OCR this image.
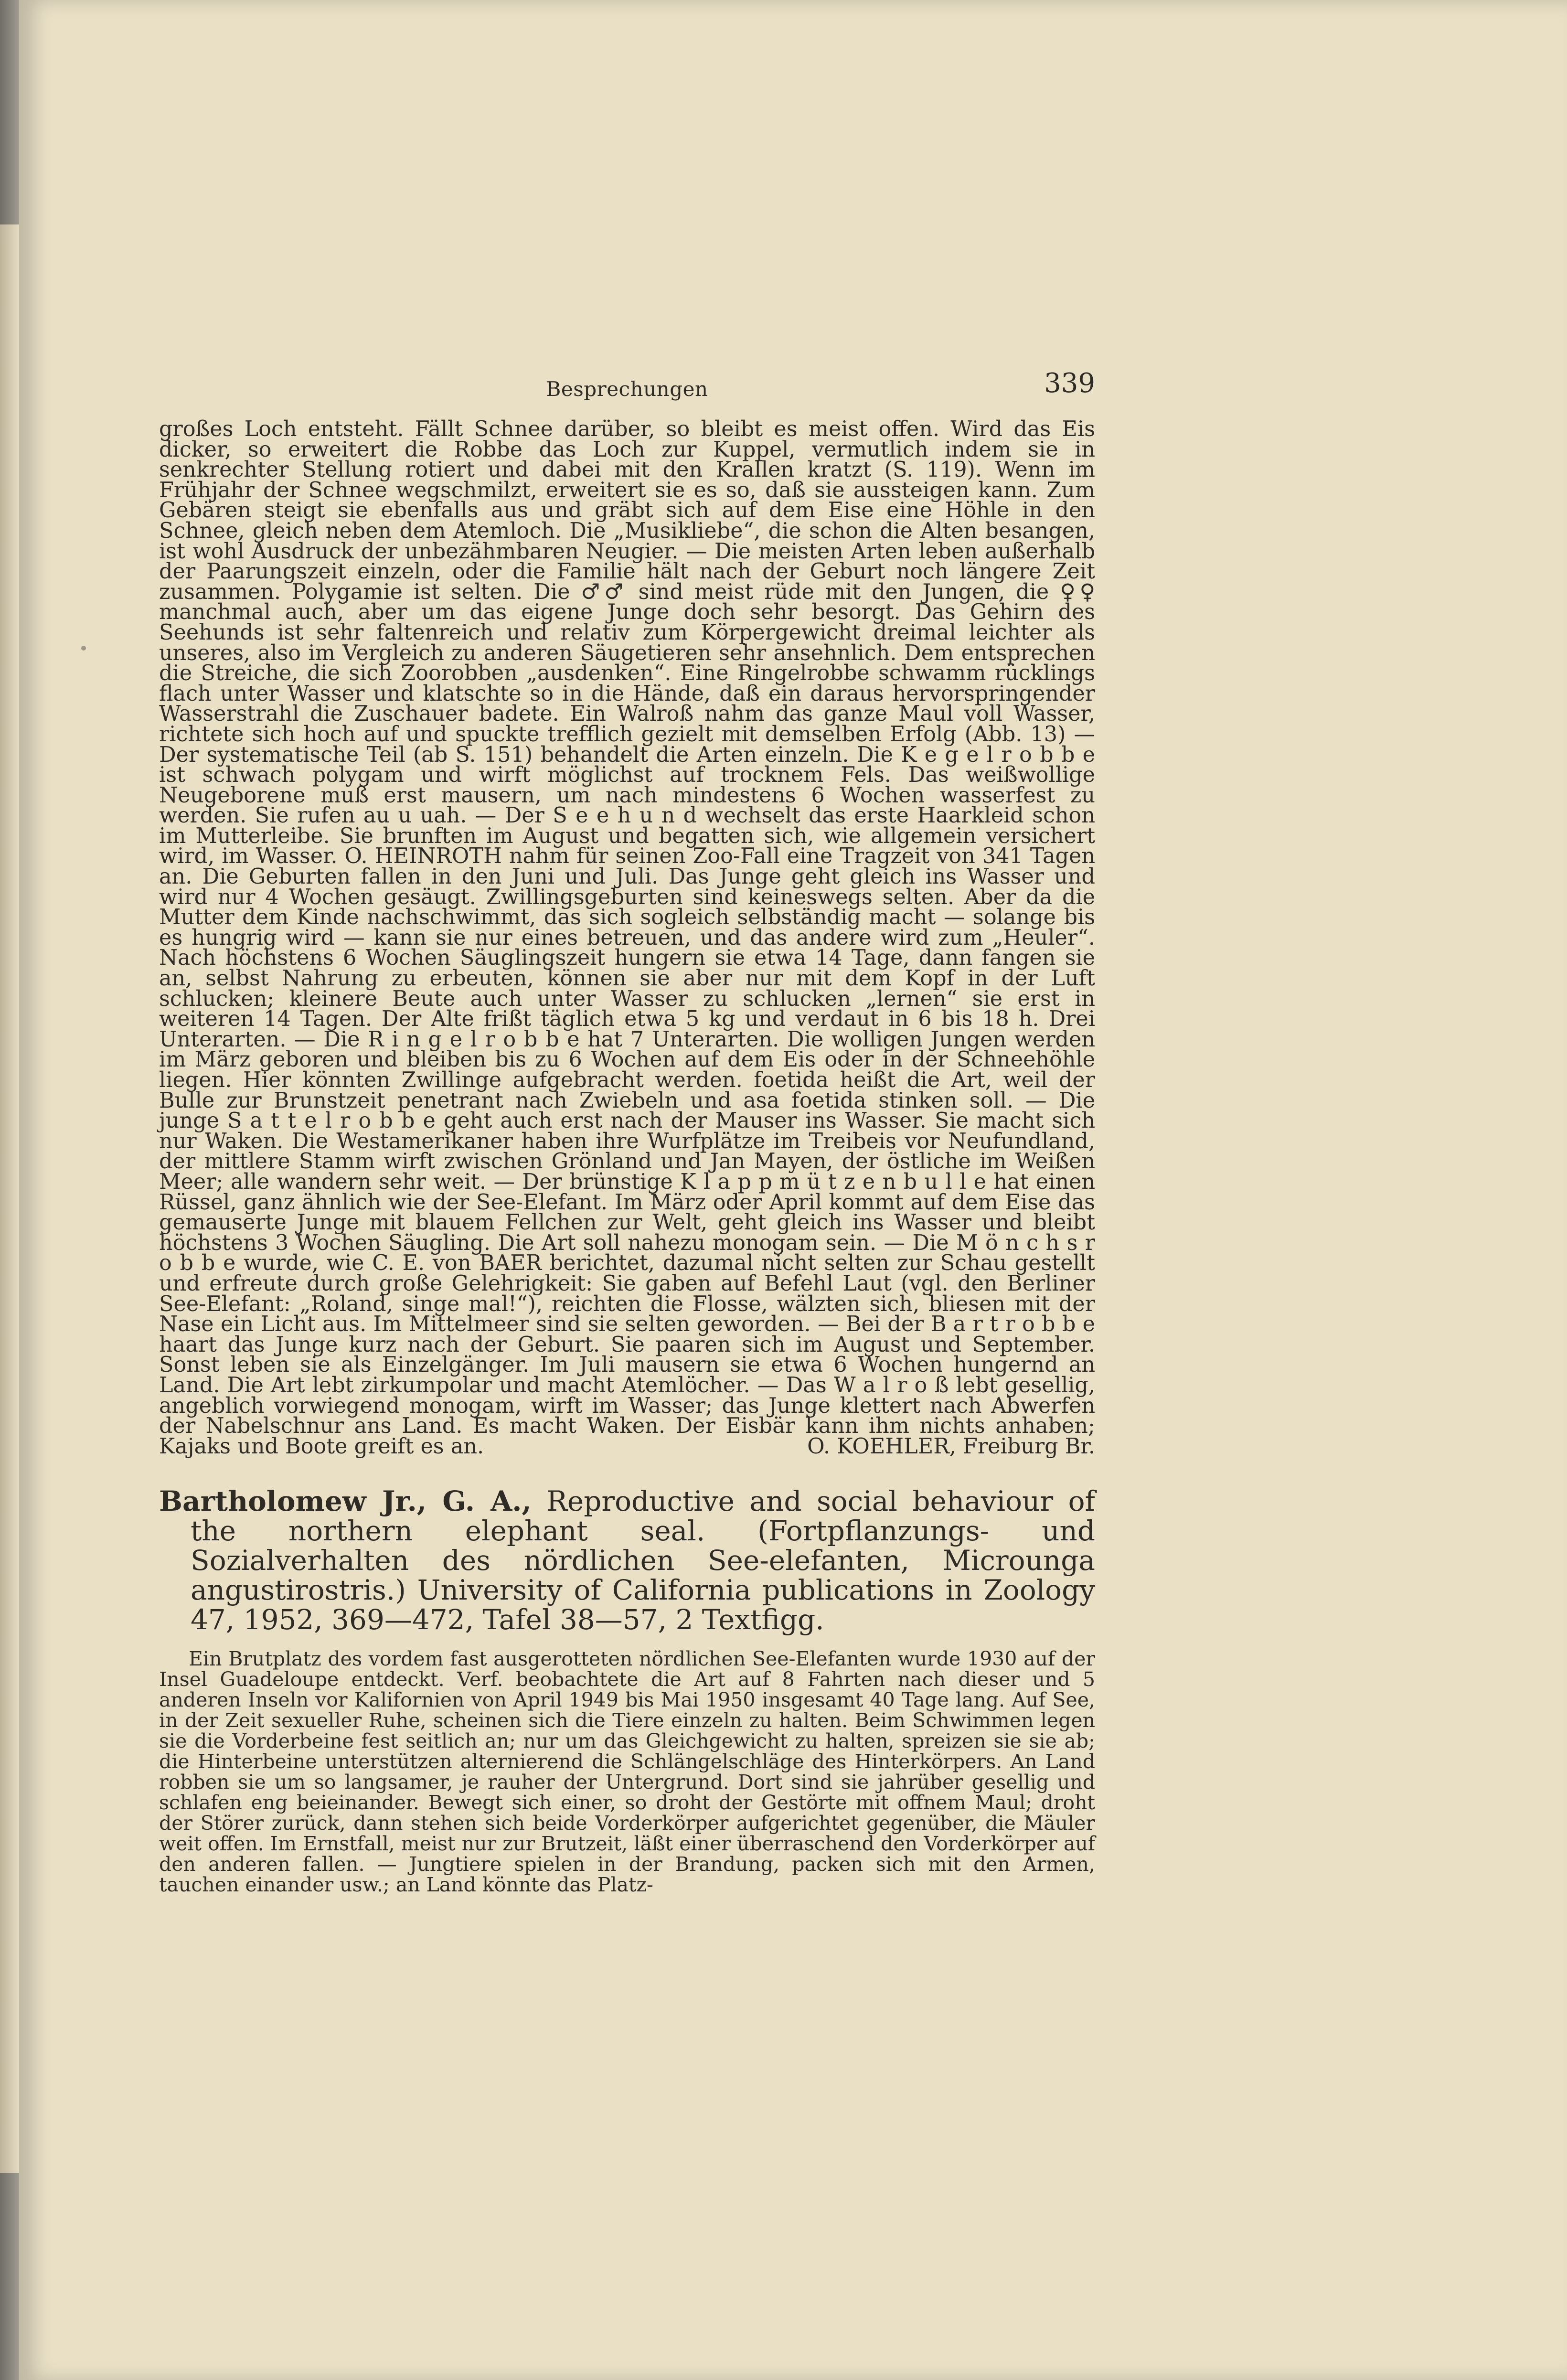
Besprechungen	339

großes Loch entsteht. Fällt Schnee darüber, so bleibt es meist offen. Wird das Eis dicker, so erweitert die Robbe das Loch zur Kuppel, vermutlich indem sie in senkrechter Stellung rotiert und dabei mit den Krallen kratzt (S. 119). Wenn im Frühjahr der Schnee wegschmilzt, erweitert sie es so, daß sie aussteigen kann. Zum Gebären steigt sie ebenfalls aus und gräbt sich auf dem Eise eine Höhle in den Schnee, gleich neben dem Atemloch. Die „Musikliebe“, die schon die Alten besangen, ist wohl Ausdruck der unbezähmbaren Neugier. — Die meisten Arten leben außerhalb der Paarungszeit einzeln, oder die Familie hält nach der Geburt noch längere Zeit zusammen. Polygamie ist selten. Die ♂♂ sind meist rüde mit den Jungen, die ♀♀ manchmal auch, aber um das eigene Junge doch sehr besorgt. Das Gehirn des Seehunds ist sehr faltenreich und relativ zum Körpergewicht dreimal leichter als unseres, also im Vergleich zu anderen Säugetieren sehr ansehnlich. Dem entsprechen die Streiche, die sich Zoorobben „ausdenken“. Eine Ringelrobbe schwamm rücklings flach unter Wasser und klatschte so in die Hände, daß ein daraus hervorspringender Wasserstrahl die Zuschauer badete. Ein Walroß nahm das ganze Maul voll Wasser, richtete sich hoch auf und spuckte trefflich gezielt mit demselben Erfolg (Abb. 13) — Der systematische Teil (ab S. 151) behandelt die Arten einzeln. Die K e g e l r o b b e ist schwach polygam und wirft möglichst auf trocknem Fels. Das weißwollige Neugeborene muß erst mausern, um nach mindestens 6 Wochen wasserfest zu werden. Sie rufen au u uah. — Der S e e h u n d wechselt das erste Haarkleid schon im Mutterleibe. Sie brunften im August und begatten sich, wie allgemein versichert wird, im Wasser. O. HEINROTH nahm für seinen Zoo-Fall eine Tragzeit von 341 Tagen an. Die Geburten fallen in den Juni und Juli. Das Junge geht gleich ins Wasser und wird nur 4 Wochen gesäugt. Zwillingsgeburten sind keineswegs selten. Aber da die Mutter dem Kinde nachschwimmt, das sich sogleich selbständig macht — solange bis es hungrig wird — kann sie nur eines betreuen, und das andere wird zum „Heuler“. Nach höchstens 6 Wochen Säuglingszeit hungern sie etwa 14 Tage, dann fangen sie an, selbst Nahrung zu erbeuten, können sie aber nur mit dem Kopf in der Luft schlucken; kleinere Beute auch unter Wasser zu schlucken „lernen“ sie erst in weiteren 14 Tagen. Der Alte frißt täglich etwa 5 kg und verdaut in 6 bis 18 h. Drei Unterarten. — Die R i n g e l r o b b e hat 7 Unterarten. Die wolligen Jungen werden im März geboren und bleiben bis zu 6 Wochen auf dem Eis oder in der Schneehöhle liegen. Hier könnten Zwillinge aufgebracht werden. foetida heißt die Art, weil der Bulle zur Brunstzeit penetrant nach Zwiebeln und asa foetida stinken soll. — Die junge S a t t e l r o b b e geht auch erst nach der Mauser ins Wasser. Sie macht sich nur Waken. Die Westamerikaner haben ihre Wurfplätze im Treibeis vor Neufundland, der mittlere Stamm wirft zwischen Grönland und Jan Mayen, der östliche im Weißen Meer; alle wandern sehr weit. — Der brünstige K l a p p m ü t z e n b u l l e hat einen Rüssel, ganz ähnlich wie der See-Elefant. Im März oder April kommt auf dem Eise das gemauserte Junge mit blauem Fellchen zur Welt, geht gleich ins Wasser und bleibt höchstens 3 Wochen Säugling. Die Art soll nahezu monogam sein. — Die M ö n c h s r o b b e wurde, wie C. E. von BAER berichtet, dazumal nicht selten zur Schau gestellt und erfreute durch große Gelehrigkeit: Sie gaben auf Befehl Laut (vgl. den Berliner See-Elefant: „Roland, singe mal!“), reichten die Flosse, wälzten sich, bliesen mit der Nase ein Licht aus. Im Mittelmeer sind sie selten geworden. — Bei der B a r t r o b b e haart das Junge kurz nach der Geburt. Sie paaren sich im August und September. Sonst leben sie als Einzelgänger. Im Juli mausern sie etwa 6 Wochen hungernd an Land. Die Art lebt zirkumpolar und macht Atemlöcher. — Das W a l r o ß lebt gesellig, angeblich vorwiegend monogam, wirft im Wasser; das Junge klettert nach Abwerfen der Nabelschnur ans Land. Es macht Waken. Der Eisbär kann ihm nichts anhaben; Kajaks und Boote greift es an.	O. KOEHLER, Freiburg Br.

Bartholomew Jr., G. A., Reproductive and social behaviour of the northern elephant seal. (Fortpflanzungs- und Sozialverhalten des nördlichen See-elefanten, Microunga angustirostris.) University of California publications in Zoology 47, 1952, 369—472, Tafel 38—57, 2 Textfigg.

Ein Brutplatz des vordem fast ausgerotteten nördlichen See-Elefanten wurde 1930 auf der Insel Guadeloupe entdeckt. Verf. beobachtete die Art auf 8 Fahrten nach dieser und 5 anderen Inseln vor Kalifornien von April 1949 bis Mai 1950 insgesamt 40 Tage lang. Auf See, in der Zeit sexueller Ruhe, scheinen sich die Tiere einzeln zu halten. Beim Schwimmen legen sie die Vorderbeine fest seitlich an; nur um das Gleichgewicht zu halten, spreizen sie sie ab; die Hinterbeine unterstützen alternierend die Schlängelschläge des Hinterkörpers. An Land robben sie um so langsamer, je rauher der Untergrund. Dort sind sie jahrüber gesellig und schlafen eng beieinander. Bewegt sich einer, so droht der Gestörte mit offnem Maul; droht der Störer zurück, dann stehen sich beide Vorderkörper aufgerichtet gegenüber, die Mäuler weit offen. Im Ernstfall, meist nur zur Brutzeit, läßt einer überraschend den Vorderkörper auf den anderen fallen. — Jungtiere spielen in der Brandung, packen sich mit den Armen, tauchen einander usw.; an Land könnte das Platz-
